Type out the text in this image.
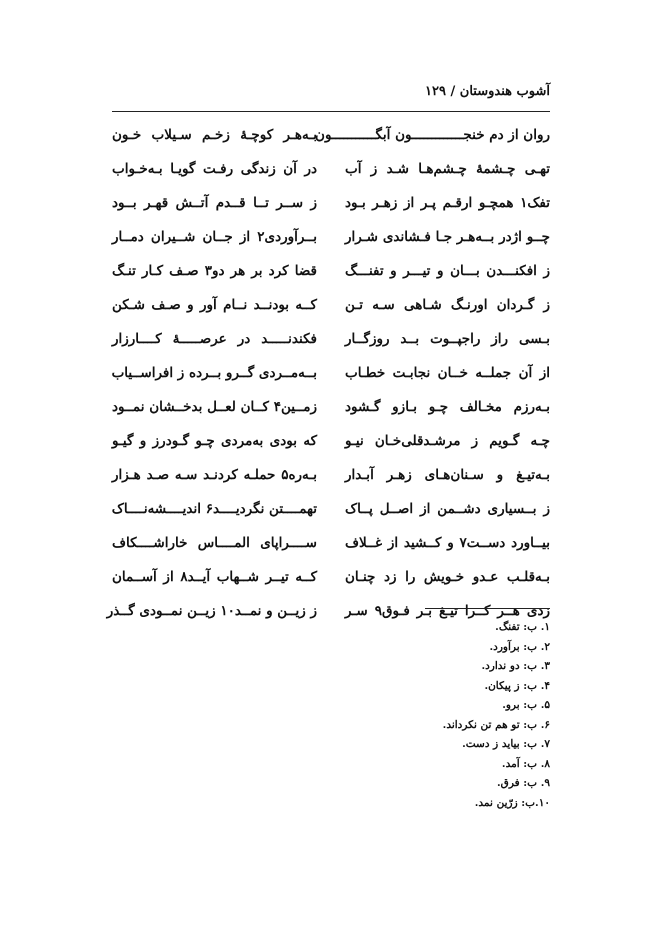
آشوب هندوستان / ۱۲۹
روان از دم خنجـــــــــــــون آبگـــــــــــون
بـه‌هـر کوچـهٔ زخـم سـیلاب خـون
تهـی چـشمهٔ چـشم‌هـا شـد ز آب
در آن زندگی رفـت گویـا بـه‌خـواب
تفک۱ همچـو ارقـم پـر از زهـر بـود
ز ســر تــا قــدم آتــش قهـر بــود
چــو اژدر بــه‌هـر جـا فـشاندی شـرار
بــرآوردی۲ از جــان شــیران دمــار
ز افکنـــدن بـــان و تیـــر و تفنـــگ
قضا کرد بر هر دو۳ صـف کـار تنـگ
ز گـردان اورنـگ شـاهی سـه تـن
کــه بودنــد نــام آور و صـف شـکن
بـسی راز راجپــوت بــد روزگــار
فکندنـــــد در عرصـــــهٔ کــــارزار
از آن جملــه خــان نجابـت خطـاب
بــه‌مــردی گــرو بــرده ز افراســیاب
بـه‌رزم مخـالف چـو بـازو گـشود
زمــین۴ کــان لعــل بدخــشان نمــود
چـه گـویم ز مرشـدقلی‌خـان نیـو
که بودی به‌مردی چـو گـودرز و گیـو
بـه‌تیـغ و سـنان‌هـای زهـر آبـدار
بـه‌ره۵ حملـه کردنـد سـه صـد هـزار
ز بــسیاری دشــمن از اصــل پــاک
تهمــــتن نگردیــــد۶ اندیــــشه‌نــــاک
بیــاورد دســت۷ و کــشید از غــلاف
ســــراپای المــــاس خاراشــــکاف
بـه‌قلـب عـدو خـویش را زد چنـان
کــه تیــر شــهاب آیــد۸ از آســمان
زدی هــر کــرا تیـغ بـر فـوق۹ سـر
ز زیــن و نمــد۱۰ زیــن نمــودی گــذر
۱. ب: تفنگ.
۲. ب: برآورد.
۳. ب: دو ندارد.
۴. ب: ز پیکان.
۵. ب: برو.
۶. ب: تو هم تن نکرداند.
۷. ب: بیاید ز دست.
۸. ب: آمد.
۹. ب: فرق.
۱۰.ب: زرّین نمد.
